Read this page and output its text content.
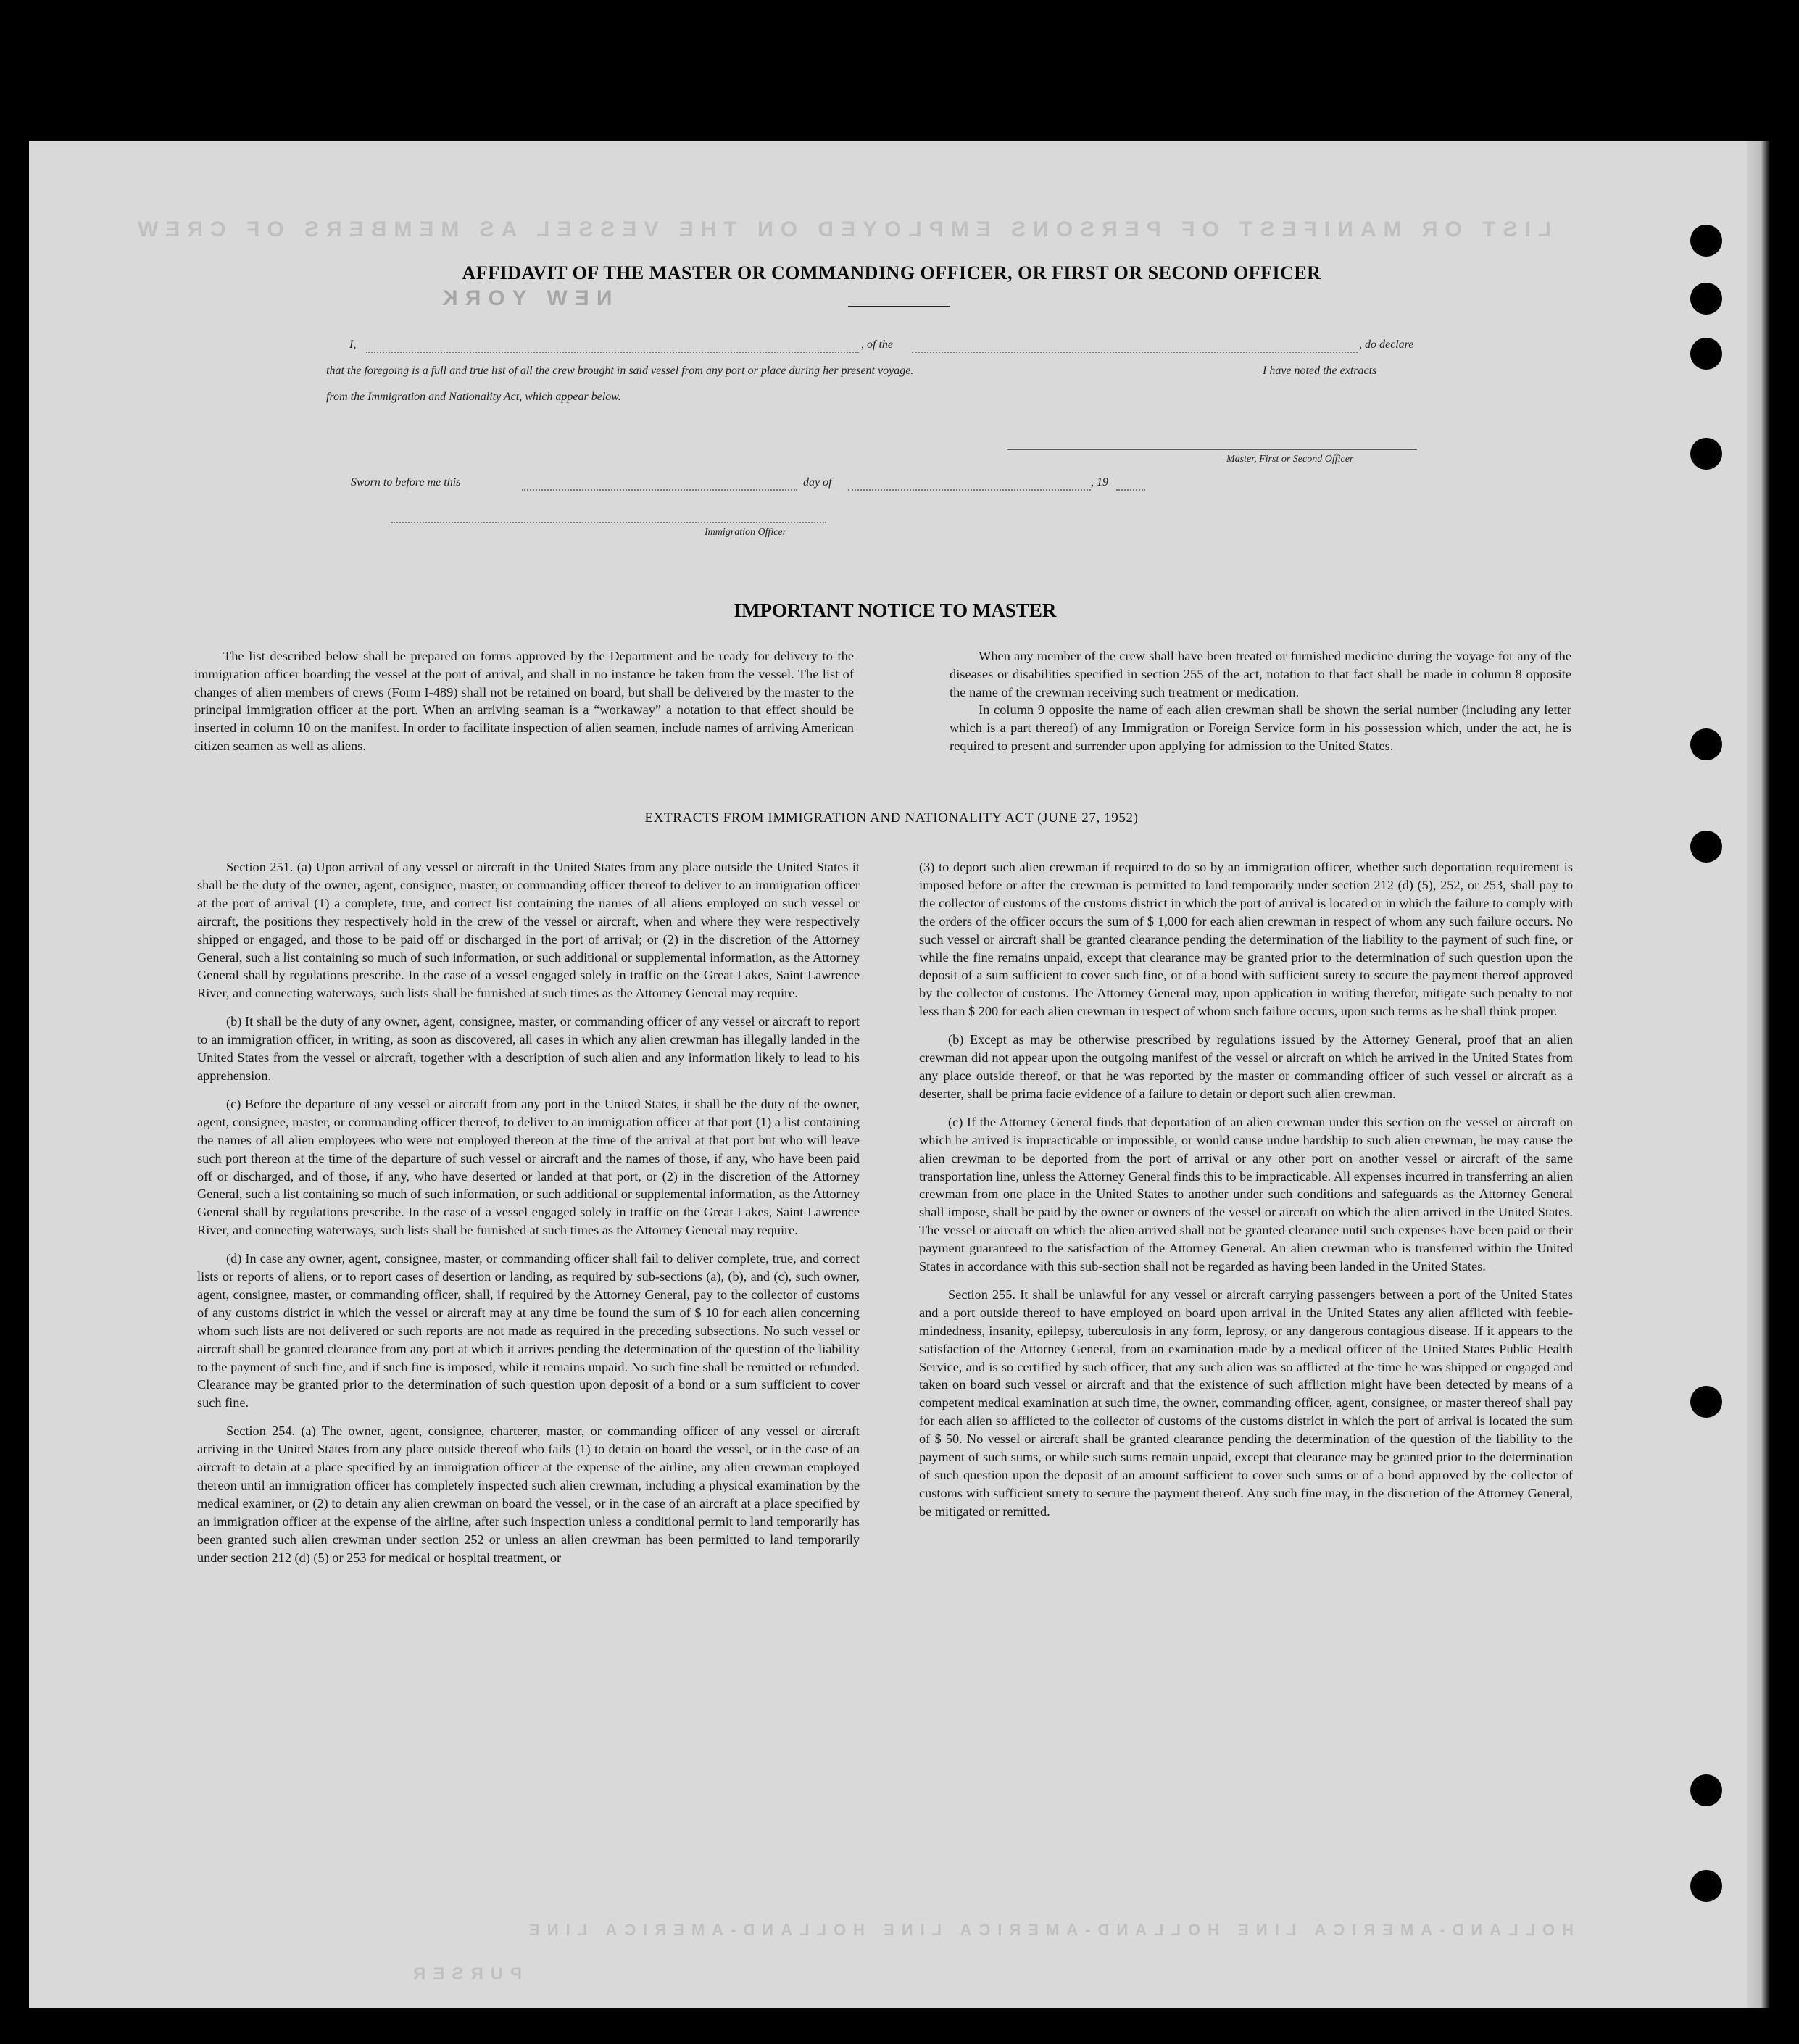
LIST OR MANIFEST OF PERSONS EMPLOYED ON THE VESSEL AS MEMBERS OF CREW
NEW YORK
HOLLAND-AMERICA LINE HOLLAND-AMERICA LINE HOLLAND-AMERICA LINE
PURSER
AFFIDAVIT OF THE MASTER OR COMMANDING OFFICER, OR FIRST OR SECOND OFFICER
I,	, of the	, do declare
that the foregoing is a full and true list of all the crew brought in said vessel from any port or place during her present voyage.	I have noted the extracts
from the Immigration and Nationality Act, which appear below.
Master, First or Second Officer
Sworn to before me this	day of	, 19
Immigration Officer
IMPORTANT NOTICE TO MASTER

The list described below shall be prepared on forms approved by the Department and be ready for delivery to the immigration officer boarding the vessel at the port of arrival, and shall in no instance be taken from the vessel. The list of changes of alien members of crews (Form I-489) shall not be retained on board, but shall be delivered by the master to the principal immigration officer at the port. When an arriving seaman is a “workaway” a notation to that effect should be inserted in column 10 on the manifest. In order to facilitate inspection of alien seamen, include names of arriving American citizen seamen as well as aliens.

When any member of the crew shall have been treated or furnished medicine during the voyage for any of the diseases or disabilities specified in section 255 of the act, notation to that fact shall be made in column 8 opposite the name of the crewman receiving such treatment or medication.

In column 9 opposite the name of each alien crewman shall be shown the serial number (including any letter which is a part thereof) of any Immigration or Foreign Service form in his possession which, under the act, he is required to present and surrender upon applying for admission to the United States.

EXTRACTS FROM IMMIGRATION AND NATIONALITY ACT (JUNE 27, 1952)

Section 251. (a) Upon arrival of any vessel or aircraft in the United States from any place outside the United States it shall be the duty of the owner, agent, consignee, master, or commanding officer thereof to deliver to an immigration officer at the port of arrival (1) a complete, true, and correct list containing the names of all aliens employed on such vessel or aircraft, the positions they respectively hold in the crew of the vessel or aircraft, when and where they were respectively shipped or engaged, and those to be paid off or discharged in the port of arrival; or (2) in the discretion of the Attorney General, such a list containing so much of such information, or such additional or supplemental information, as the Attorney General shall by regulations prescribe. In the case of a vessel engaged solely in traffic on the Great Lakes, Saint Lawrence River, and connecting waterways, such lists shall be furnished at such times as the Attorney General may require.

(b) It shall be the duty of any owner, agent, consignee, master, or commanding officer of any vessel or aircraft to report to an immigration officer, in writing, as soon as discovered, all cases in which any alien crewman has illegally landed in the United States from the vessel or aircraft, together with a description of such alien and any information likely to lead to his apprehension.

(c) Before the departure of any vessel or aircraft from any port in the United States, it shall be the duty of the owner, agent, consignee, master, or commanding officer thereof, to deliver to an immigration officer at that port (1) a list containing the names of all alien employees who were not employed thereon at the time of the arrival at that port but who will leave such port thereon at the time of the departure of such vessel or aircraft and the names of those, if any, who have been paid off or discharged, and of those, if any, who have deserted or landed at that port, or (2) in the discretion of the Attorney General, such a list containing so much of such information, or such additional or supplemental information, as the Attorney General shall by regulations prescribe. In the case of a vessel engaged solely in traffic on the Great Lakes, Saint Lawrence River, and connecting waterways, such lists shall be furnished at such times as the Attorney General may require.

(d) In case any owner, agent, consignee, master, or commanding officer shall fail to deliver complete, true, and correct lists or reports of aliens, or to report cases of desertion or landing, as required by sub-sections (a), (b), and (c), such owner, agent, consignee, master, or commanding officer, shall, if required by the Attorney General, pay to the collector of customs of any customs district in which the vessel or aircraft may at any time be found the sum of $ 10 for each alien concerning whom such lists are not delivered or such reports are not made as required in the preceding subsections. No such vessel or aircraft shall be granted clearance from any port at which it arrives pending the determination of the question of the liability to the payment of such fine, and if such fine is imposed, while it remains unpaid. No such fine shall be remitted or refunded. Clearance may be granted prior to the determination of such question upon deposit of a bond or a sum sufficient to cover such fine.

Section 254. (a) The owner, agent, consignee, charterer, master, or commanding officer of any vessel or aircraft arriving in the United States from any place outside thereof who fails (1) to detain on board the vessel, or in the case of an aircraft to detain at a place specified by an immigration officer at the expense of the airline, any alien crewman employed thereon until an immigration officer has completely inspected such alien crewman, including a physical examination by the medical examiner, or (2) to detain any alien crewman on board the vessel, or in the case of an aircraft at a place specified by an immigration officer at the expense of the airline, after such inspection unless a conditional permit to land temporarily has been granted such alien crewman under section 252 or unless an alien crewman has been permitted to land temporarily under section 212 (d) (5) or 253 for medical or hospital treatment, or

(3) to deport such alien crewman if required to do so by an immigration officer, whether such deportation requirement is imposed before or after the crewman is permitted to land temporarily under section 212 (d) (5), 252, or 253, shall pay to the collector of customs of the customs district in which the port of arrival is located or in which the failure to comply with the orders of the officer occurs the sum of $ 1,000 for each alien crewman in respect of whom any such failure occurs. No such vessel or aircraft shall be granted clearance pending the determination of the liability to the payment of such fine, or while the fine remains unpaid, except that clearance may be granted prior to the determination of such question upon the deposit of a sum sufficient to cover such fine, or of a bond with sufficient surety to secure the payment thereof approved by the collector of customs. The Attorney General may, upon application in writing therefor, mitigate such penalty to not less than $ 200 for each alien crewman in respect of whom such failure occurs, upon such terms as he shall think proper.

(b) Except as may be otherwise prescribed by regulations issued by the Attorney General, proof that an alien crewman did not appear upon the outgoing manifest of the vessel or aircraft on which he arrived in the United States from any place outside thereof, or that he was reported by the master or commanding officer of such vessel or aircraft as a deserter, shall be prima facie evidence of a failure to detain or deport such alien crewman.

(c) If the Attorney General finds that deportation of an alien crewman under this section on the vessel or aircraft on which he arrived is impracticable or impossible, or would cause undue hardship to such alien crewman, he may cause the alien crewman to be deported from the port of arrival or any other port on another vessel or aircraft of the same transportation line, unless the Attorney General finds this to be impracticable. All expenses incurred in transferring an alien crewman from one place in the United States to another under such conditions and safeguards as the Attorney General shall impose, shall be paid by the owner or owners of the vessel or aircraft on which the alien arrived in the United States. The vessel or aircraft on which the alien arrived shall not be granted clearance until such expenses have been paid or their payment guaranteed to the satisfaction of the Attorney General. An alien crewman who is transferred within the United States in accordance with this sub-section shall not be regarded as having been landed in the United States.

Section 255. It shall be unlawful for any vessel or aircraft carrying passengers between a port of the United States and a port outside thereof to have employed on board upon arrival in the United States any alien afflicted with feeble-mindedness, insanity, epilepsy, tuberculosis in any form, leprosy, or any dangerous contagious disease. If it appears to the satisfaction of the Attorney General, from an examination made by a medical officer of the United States Public Health Service, and is so certified by such officer, that any such alien was so afflicted at the time he was shipped or engaged and taken on board such vessel or aircraft and that the existence of such affliction might have been detected by means of a competent medical examination at such time, the owner, commanding officer, agent, consignee, or master thereof shall pay for each alien so afflicted to the collector of customs of the customs district in which the port of arrival is located the sum of $ 50. No vessel or aircraft shall be granted clearance pending the determination of the question of the liability to the payment of such sums, or while such sums remain unpaid, except that clearance may be granted prior to the determination of such question upon the deposit of an amount sufficient to cover such sums or of a bond approved by the collector of customs with sufficient surety to secure the payment thereof. Any such fine may, in the discretion of the Attorney General, be mitigated or remitted.
